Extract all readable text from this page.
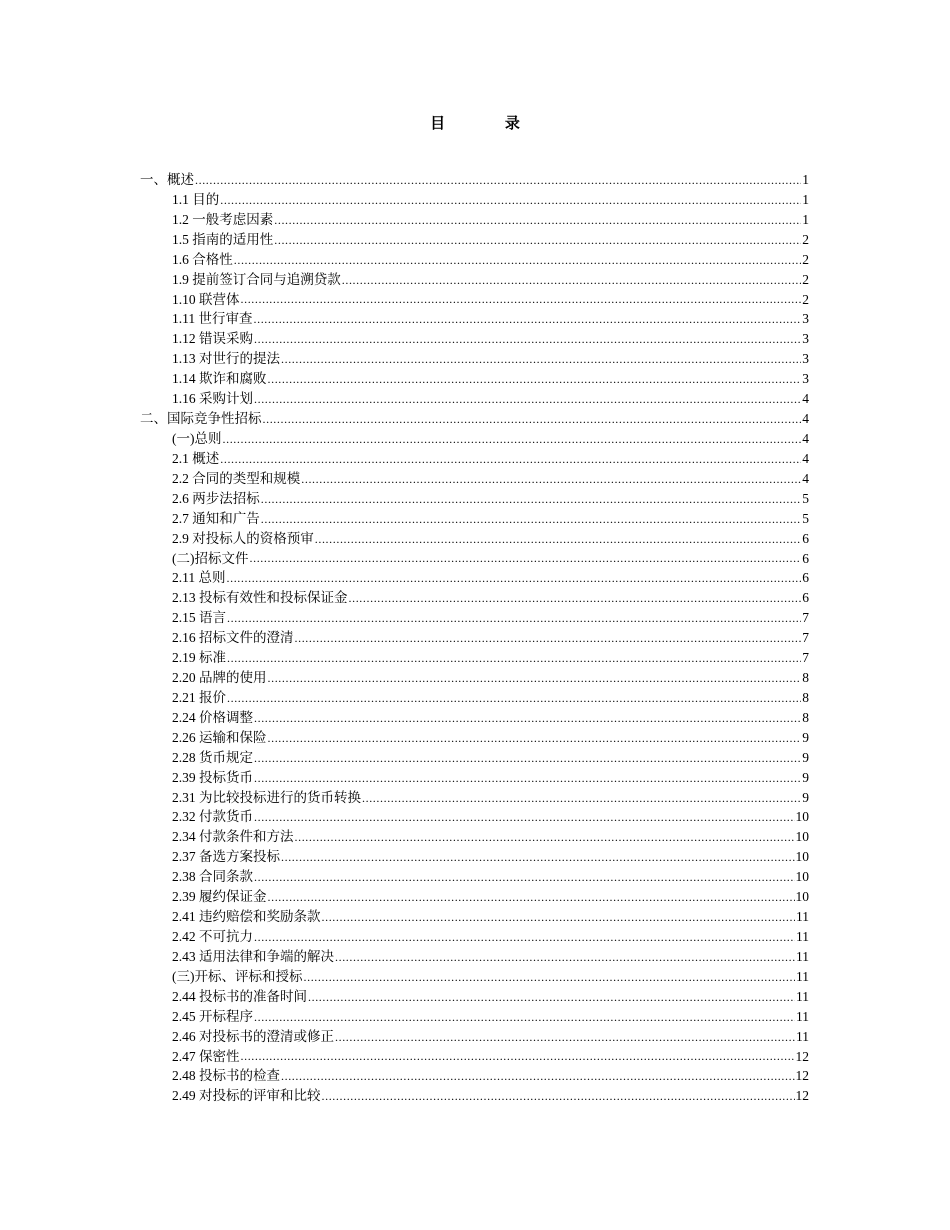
目 录
一、概述 .....	1
1.1 目的 .....	1
1.2 一般考虑因素 .....	1
1.5 指南的适用性 .....	2
1.6 合格性 .....	2
1.9 提前签订合同与追溯贷款 .....	2
1.10 联营体 .....	2
1.11 世行审查 .....	3
1.12 错误采购 .....	3
1.13 对世行的提法 .....	3
1.14 欺诈和腐败 .....	3
1.16 采购计划 .....	4
二、国际竞争性招标 .....	4
(一)总则 .....	4
2.1 概述 .....	4
2.2 合同的类型和规模 .....	4
2.6 两步法招标 .....	5
2.7 通知和广告 .....	5
2.9 对投标人的资格预审 .....	6
(二)招标文件 .....	6
2.11 总则 .....	6
2.13 投标有效性和投标保证金 .....	6
2.15 语言 .....	7
2.16 招标文件的澄清 .....	7
2.19 标准 .....	7
2.20 品牌的使用 .....	8
2.21 报价 .....	8
2.24 价格调整 .....	8
2.26 运输和保险 .....	9
2.28 货币规定 .....	9
2.39 投标货币 .....	9
2.31 为比较投标进行的货币转换 .....	9
2.32 付款货币 .....	10
2.34 付款条件和方法 .....	10
2.37 备选方案投标 .....	10
2.38 合同条款 .....	10
2.39 履约保证金 .....	10
2.41 违约赔偿和奖励条款 .....	11
2.42 不可抗力 .....	11
2.43 适用法律和争端的解决 .....	11
(三)开标、评标和授标 .....	11
2.44 投标书的准备时间 .....	11
2.45 开标程序 .....	11
2.46 对投标书的澄清或修正 .....	11
2.47 保密性 .....	12
2.48 投标书的检查 .....	12
2.49 对投标的评审和比较 .....	12
